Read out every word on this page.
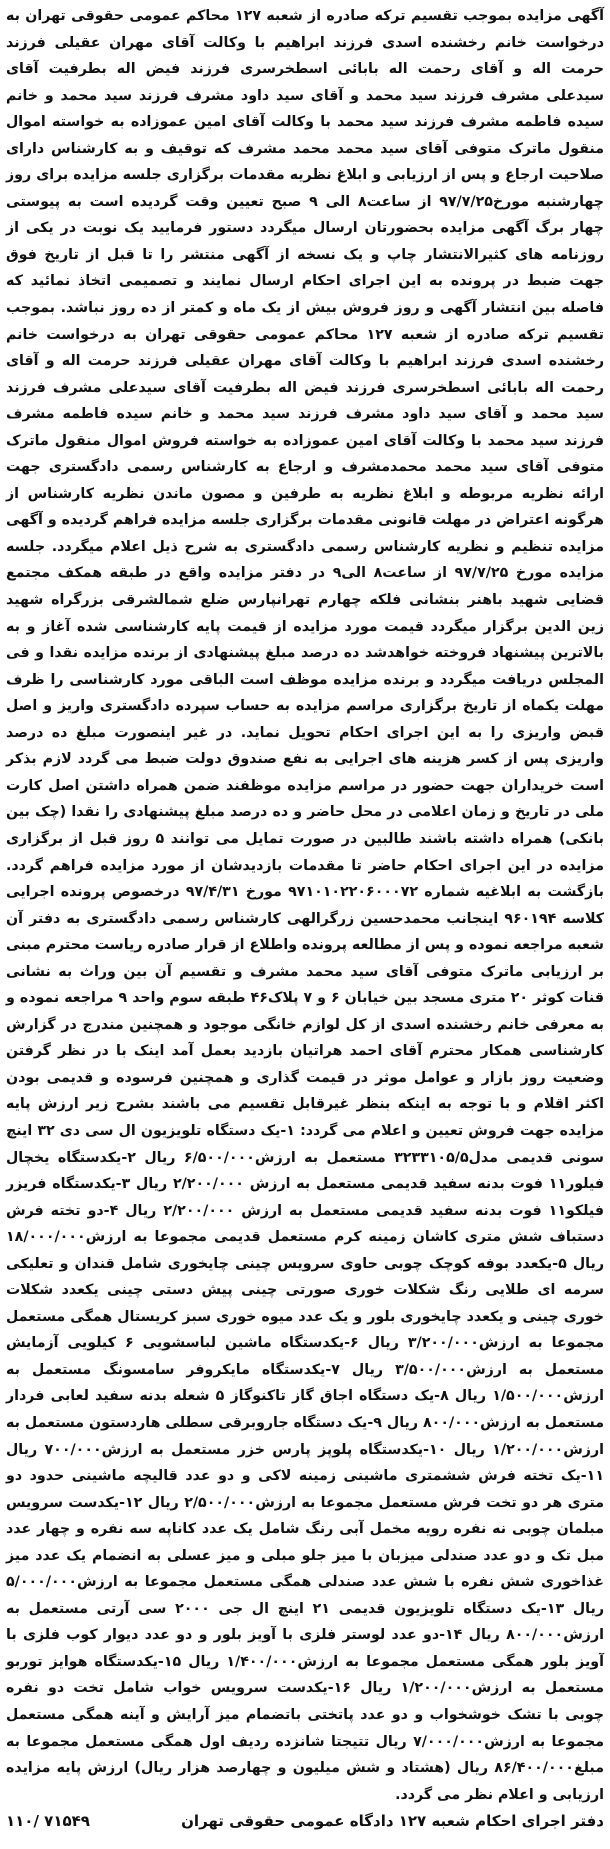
آگهی مزایده بموجب تقسیم ترکه صادره از شعبه ۱۲۷ محاکم عمومی حقوقی تهران به درخواست خانم رخشنده اسدی فرزند ابراهیم با وکالت آقای مهران عقیلی فرزند حرمت اله و آقای رحمت اله بابائی اسطخرسری فرزند فیض اله بطرفیت آقای سیدعلی مشرف فرزند سید محمد و آقای سید داود مشرف فرزند سید محمد و خانم سیده فاطمه مشرف فرزند سید محمد با وکالت آقای امین عموزاده به خواسته اموال منقول ماترک متوفی آقای سید محمد محمد مشرف که توقیف و به کارشناس دارای صلاحیت ارجاع و پس از ارزیابی و ابلاغ نظریه مقدمات برگزاری جلسه مزایده برای روز چهارشنبه مورخ۹۷/۷/۲۵ از ساعت۸ الی ۹ صبح تعیین وقت گردیده است به پیوستی چهار برگ آگهی مزایده بحضورتان ارسال میگردد دستور فرمایید یک نوبت در یکی از روزنامه های کثیرالانتشار چاپ و یک نسخه از آگهی منتشر را تا قبل از تاریخ فوق جهت ضبط در پرونده به این اجرای احکام ارسال نمایند و تصمیمی اتخاذ نمائید که فاصله بین انتشار آگهی و روز فروش بیش از یک ماه و کمتر از ده روز نباشد. بموجب تقسیم ترکه صادره از شعبه ۱۲۷ محاکم عمومی حقوقی تهران به درخواست خانم رخشنده اسدی فرزند ابراهیم با وکالت آقای مهران عقیلی فرزند حرمت اله و آقای رحمت اله بابائی اسطخرسری فرزند فیض اله بطرفیت آقای سیدعلی مشرف فرزند سید محمد و آقای سید داود مشرف فرزند سید محمد و خانم سیده فاطمه مشرف فرزند سید محمد با وکالت آقای امین عموزاده به خواسته فروش اموال منقول ماترک متوفی آقای سید محمد محمدمشرف و ارجاع به کارشناس رسمی دادگستری جهت ارائه نظریه مربوطه و ابلاغ نظریه به طرفین و مصون ماندن نظریه کارشناس از هرگونه اعتراض در مهلت قانونی مقدمات برگزاری جلسه مزایده فراهم گردیده و آگهی مزایده تنظیم و نظریه کارشناس رسمی دادگستری به شرح ذیل اعلام میگردد. جلسه مزایده مورخ ۹۷/۷/۲۵ از ساعت۸ الی۹ در دفتر مزایده واقع در طبقه همکف مجتمع قضایی شهید باهنر بنشانی فلکه چهارم تهرانپارس ضلع شمالشرقی بزرگراه شهید زین الدین برگزار میگردد قیمت مورد مزایده از قیمت پایه کارشناسی شده آغاز و به بالاترین پیشنهاد فروخته خواهدشد ده درصد مبلغ پیشنهادی از برنده مزایده نقدا و فی المجلس دریافت میگردد و برنده مزایده موظف است الباقی مورد کارشناسی را ظرف مهلت یکماه از تاریخ برگزاری مراسم مزایده به حساب سپرده دادگستری واریز و اصل قبض واریزی را به این اجرای احکام تحویل نماید. در غیر اینصورت مبلغ ده درصد واریزی پس از کسر هزینه های اجرایی به نفع صندوق دولت ضبط می گردد لازم بذکر است خریداران جهت حضور در مراسم مزایده موظفند ضمن همراه داشتن اصل کارت ملی در تاریخ و زمان اعلامی در محل حاضر و ده درصد مبلغ پیشنهادی را نقدا (چک بین بانکی) همراه داشته باشند طالبین در صورت تمایل می توانند ۵ روز قبل از برگزاری مزایده در این اجرای احکام حاضر تا مقدمات بازدیدشان از مورد مزایده فراهم گردد. بازگشت به ابلاغیه شماره ۹۷۱۰۱۰۲۲۰۶۰۰۰۷۲ مورخ ۹۷/۴/۳۱ درخصوص پرونده اجرایی کلاسه ۹۶۰۱۹۴ اینجانب محمدحسین زرگرالهی کارشناس رسمی دادگستری به دفتر آن شعبه مراجعه نموده و پس از مطالعه پرونده واطلاع از قرار صادره ریاست محترم مبنی بر ارزیابی ماترک متوفی آقای سید محمد مشرف و تقسیم آن بین وراث به نشانی قنات کوثر ۲۰ متری مسجد بین خیابان ۶ و ۷ پلاک۴۶ طبقه سوم واحد ۹ مراجعه نموده و به معرفی خانم رخشنده اسدی از کل لوازم خانگی موجود و همچنین مندرج در گزارش کارشناسی همکار محترم آقای احمد هراتیان بازدید بعمل آمد اینک با در نظر گرفتن وضعیت روز بازار و عوامل موثر در قیمت گذاری و همچنین فرسوده و قدیمی بودن اکثر اقلام و با توجه به اینکه بنظر غیرقابل تقسیم می باشند بشرح زیر ارزش پایه مزایده جهت فروش تعیین و اعلام می گردد: ۱-یک دستگاه تلویزیون ال سی دی ۳۲ اینچ سونی قدیمی مدل۳۲۳۳۱۰۵/۵ مستعمل به ارزش۶/۵۰۰/۰۰۰ ریال ۲-یکدستگاه یخچال فیلور۱۱ فوت بدنه سفید قدیمی مستعمل به ارزش ۲/۲۰۰/۰۰۰ ریال ۳-یکدستگاه فریزر فیلکو۱۱ فوت بدنه سفید قدیمی مستعمل به ارزش ۲/۲۰۰/۰۰۰ ریال ۴-دو تخته فرش دستباف شش متری کاشان زمینه کرم مستعمل قدیمی مجموعا به ارزش۱۸/۰۰۰/۰۰۰ ریال ۵-یکعدد بوفه کوچک چوبی حاوی سرویس چینی چایخوری شامل قندان و تعلیکی سرمه ای طلایی رنگ شکلات خوری صورتی چینی پیش دستی چینی یکعدد شکلات خوری چینی و یکعدد چایخوری بلور و یک عدد میوه خوری سبز کریستال همگی مستعمل مجموعا به ارزش۳/۲۰۰/۰۰۰ ریال ۶-یکدستگاه ماشین لباسشویی ۶ کیلویی آزمایش مستعمل به ارزش۳/۵۰۰/۰۰۰ ریال ۷-یکدستگاه مایکروفر سامسونگ مستعمل به ارزش۱/۵۰۰/۰۰۰ ریال ۸-یک دستگاه اجاق گاز تاکنوگاز ۵ شعله بدنه سفید لعابی فردار مستعمل به ارزش۸۰۰/۰۰۰ ریال ۹-یک دستگاه جاروبرقی سطلی هاردستون مستعمل به ارزش۱/۲۰۰/۰۰۰ ریال ۱۰-یکدستگاه پلوپز پارس خزر مستعمل به ارزش۷۰۰/۰۰۰ ریال ۱۱-یک تخته فرش ششمتری ماشینی زمینه لاکی و دو عدد قالیچه ماشینی حدود دو متری هر دو تخت فرش مستعمل مجموعا به ارزش۲/۵۰۰/۰۰۰ ریال ۱۲-یکدست سرویس مبلمان چوبی نه نفره رویه مخمل آبی رنگ شامل یک عدد کاناپه سه نفره و چهار عدد مبل تک و دو عدد صندلی میزبان با میز جلو مبلی و میز عسلی به انضمام یک عدد میز غذاخوری شش نفره با شش عدد صندلی همگی مستعمل مجموعا به ارزش۵/۰۰۰/۰۰۰ ریال ۱۳-یک دستگاه تلویزیون قدیمی ۲۱ اینچ ال جی ۲۰۰۰ سی آرتی مستعمل به ارزش۸۰۰/۰۰۰ ریال ۱۴-دو عدد لوستر فلزی با آویز بلور و دو عدد دیوار کوب فلزی با آویز بلور همگی مستعمل مجموعا به ارزش۱/۴۰۰/۰۰۰ ریال ۱۵-یکدستگاه هوایز توربو مستعمل به ارزش۱/۲۰۰/۰۰۰ ریال ۱۶-یکدست سرویس خواب شامل تخت دو نفره چوبی با تشک خوشخواب و دو عدد پاتختی باتضمام میز آرایش و آینه همگی مستعمل مجموعا به ارزش۷/۰۰۰/۰۰۰ ریال تتیجتا شانزده ردیف اول همگی مستعمل مجموعا به مبلغ۸۶/۴۰۰/۰۰۰ ریال (هشتاد و شش میلیون و چهارصد هزار ریال) ارزش پایه مزایده ارزیابی و اعلام نظر می گردد.
دفتر اجرای احکام شعبه ۱۲۷ دادگاه عمومی حقوقی تهران
۱۱۰/ ۷۱۵۴۹
